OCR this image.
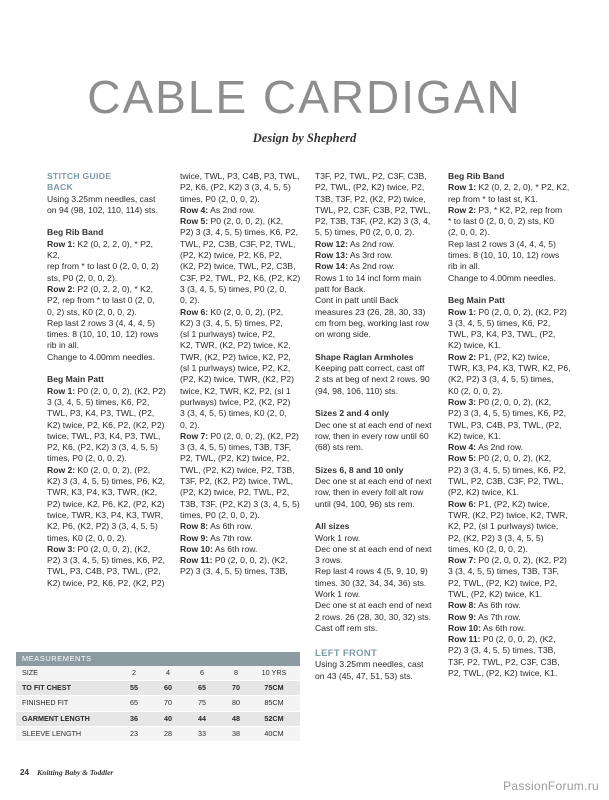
CABLE CARDIGAN
Design by Shepherd

STITCH GUIDE

BACK

Using 3.25mm needles, cast
on 94 (98, 102, 110, 114) sts.

Beg Rib Band

Row 1: K2 (0, 2, 2, 0), * P2, K2,
rep from * to last 0 (2, 0, 0, 2)
sts, P0 (2, 0, 0, 2).

Row 2: P2 (0, 2, 2, 0), * K2,
P2, rep from * to last 0 (2, 0,
0, 2) sts, K0 (2, 0, 0, 2).

Rep last 2 rows 3 (4, 4, 4, 5)
times. 8 (10, 10, 10, 12) rows
rib in all.
Change to 4.00mm needles.

Beg Main Patt

Row 1: P0 (2, 0, 0, 2), (K2, P2)
3 (3, 4, 5, 5) times, K6, P2,
TWL, P3, K4, P3, TWL, (P2,
K2) twice, P2, K6, P2, (K2, P2)
twice, TWL, P3, K4, P3, TWL,
P2, K6, (P2, K2) 3 (3, 4, 5, 5)
times, P0 (2, 0, 0, 2).

Row 2: K0 (2, 0, 0, 2), (P2,
K2) 3 (3, 4, 5, 5) times, P6, K2,
TWR, K3, P4, K3, TWR, (K2,
P2) twice, K2, P6, K2, (P2, K2)
twice, TWR, K3, P4, K3, TWR,
K2, P6, (K2, P2) 3 (3, 4, 5, 5)
times, K0 (2, 0, 0, 2).

Row 3: P0 (2, 0, 0, 2), (K2,
P2) 3 (3, 4, 5, 5) times, K6, P2,
TWL, P3, C4B, P3, TWL, (P2,
K2) twice, P2, K6, P2, (K2, P2)

twice, TWL, P3, C4B, P3, TWL,
P2, K6, (P2, K2) 3 (3, 4, 5, 5)
times, P0 (2, 0, 0, 2).

Row 4: As 2nd row.

Row 5: P0 (2, 0, 0, 2), (K2,
P2) 3 (3, 4, 5, 5) times, K6, P2,
TWL, P2, C3B, C3F, P2, TWL,
(P2, K2) twice, P2, K6, P2,
(K2, P2) twice, TWL, P2, C3B,
C3F, P2, TWL, P2, K6, (P2, K2)
3 (3, 4, 5, 5) times, P0 (2, 0,
0, 2).

Row 6: K0 (2, 0, 0, 2), (P2,
K2) 3 (3, 4, 5, 5) times, P2,
(sl 1 purlways) twice, P2,
K2, TWR, (K2, P2) twice, K2,
TWR, (K2, P2) twice, K2, P2,
(sl 1 purlways) twice, P2, K2,
(P2, K2) twice, TWR, (K2, P2)
twice, K2, TWR, K2, P2, (sl 1
purlways) twice, P2, (K2, P2)
3 (3, 4, 5, 5) times, K0 (2, 0,
0, 2).

Row 7: P0 (2, 0, 0, 2), (K2, P2)
3 (3, 4, 5, 5) times, T3B, T3F,
P2, TWL, (P2, K2) twice, P2,
TWL, (P2, K2) twice, P2, T3B,
T3F, P2, (K2, P2) twice, TWL,
(P2, K2) twice, P2, TWL, P2,
T3B, T3F, (P2, K2) 3 (3, 4, 5, 5)
times, P0 (2, 0, 0, 2).

Row 8: As 6th row.

Row 9: As 7th row.

Row 10: As 6th row.

Row 11: P0 (2, 0, 0, 2), (K2,
P2) 3 (3, 4, 5, 5) times, T3B,

T3F, P2, TWL, P2, C3F, C3B,
P2, TWL, (P2, K2) twice, P2,
T3B, T3F, P2, (K2, P2) twice,
TWL, P2, C3F, C3B, P2, TWL,
P2, T3B, T3F, (P2, K2) 3 (3, 4,
5, 5) times, P0 (2, 0, 0, 2).

Row 12: As 2nd row.

Row 13: As 3rd row.

Row 14: As 2nd row.

Rows 1 to 14 incl form main
patt for Back.
Cont in patt until Back
measures 23 (26, 28, 30, 33)
cm from beg, working last row
on wrong side.

Shape Raglan Armholes

Keeping patt correct, cast off
2 sts at beg of next 2 rows. 90
(94, 98, 106, 110) sts.

Sizes 2 and 4 only

Dec one st at each end of next
row, then in every row until 60
(68) sts rem.

Sizes 6, 8 and 10 only

Dec one st at each end of next
row, then in every foll alt row
until (94, 100, 96) sts rem.

All sizes

Work 1 row.
Dec one st at each end of next
3 rows.
Rep last 4 rows 4 (5, 9, 10, 9)
times. 30 (32, 34, 34, 36) sts.
Work 1 row.
Dec one st at each end of next
2 rows. 26 (28, 30, 30, 32) sts.
Cast off rem sts.

LEFT FRONT

Using 3.25mm needles, cast
on 43 (45, 47, 51, 53) sts.

Beg Rib Band

Row 1: K2 (0, 2, 2, 0), * P2, K2,
rep from * to last st, K1.

Row 2: P3, * K2, P2, rep from
* to last 0 (2, 0, 0, 2) sts, K0
(2, 0, 0, 2).

Rep last 2 rows 3 (4, 4, 4, 5)
times. 8 (10, 10, 10, 12) rows
rib in all.
Change to 4.00mm needles.

Beg Main Patt

Row 1: P0 (2, 0, 0, 2), (K2, P2)
3 (3, 4, 5, 5) times, K6, P2,
TWL, P3, K4, P3, TWL, (P2,
K2) twice, K1.

Row 2: P1, (P2, K2) twice,
TWR, K3, P4, K3, TWR, K2, P6,
(K2, P2) 3 (3, 4, 5, 5) times,
K0 (2, 0, 0, 2).

Row 3: P0 (2, 0, 0, 2), (K2,
P2) 3 (3, 4, 5, 5) times, K6, P2,
TWL, P3, C4B, P3, TWL, (P2,
K2) twice, K1.

Row 4: As 2nd row.

Row 5: P0 (2, 0, 0, 2), (K2,
P2) 3 (3, 4, 5, 5) times, K6, P2,
TWL, P2, C3B, C3F, P2, TWL,
(P2, K2) twice, K1.

Row 6: P1, (P2, K2) twice,
TWR, (K2, P2) twice, K2, TWR,
K2, P2, (sl 1 purlways) twice,
P2, (K2, P2) 3 (3, 4, 5, 5)
times, K0 (2, 0, 0, 2).

Row 7: P0 (2, 0, 0, 2), (K2, P2)
3 (3, 4, 5, 5) times, T3B, T3F,
P2, TWL, (P2, K2) twice, P2,
TWL, (P2, K2) twice, K1.

Row 8: As 6th row.

Row 9: As 7th row.

Row 10: As 6th row.

Row 11: P0 (2, 0, 0, 2), (K2,
P2) 3 (3, 4, 5, 5) times, T3B,
T3F, P2, TWL, P2, C3F, C3B,
P2, TWL, (P2, K2) twice, K1.

MEASUREMENTS
SIZE	2	4	6	8	10 YRS
TO FIT CHEST	55	60	65	70	75CM
FINISHED FIT	65	70	75	80	85CM
GARMENT LENGTH	36	40	44	48	52CM
SLEEVE LENGTH	23	28	33	38	40CM
24 Knitting Baby & Toddler
PassionForum.ru
